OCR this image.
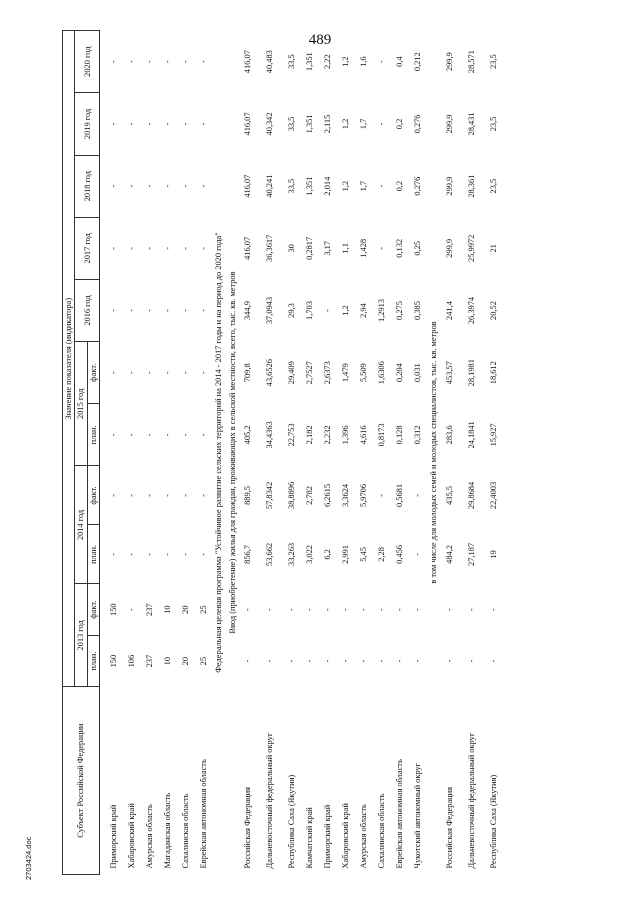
489
2703424.doc
Субъект Российской Федерации	Значение показателя (индикатора)										
	2013 год		2014 год		2015 год		2016 год	2017 год	2018 год	2019 год	2020 год
	план.	факт.	план.	факт.	план.	факт.					

Приморский край	150	150	-	-	-	-	-	-	-	-	-
Хабаровский край	106	-	-	-	-	-	-	-	-	-	-
Амурская область	237	237	-	-	-	-	-	-	-	-	-
Магаданская область	10	10	-	-	-	-	-	-	-	-	-
Сахалинская область	20	20	-	-	-	-	-	-	-	-	-
Еврейская автономная область	25	25	-	-	-	-	-	-	-	-	-
Федеральная целевая программа "Устойчивое развитие сельских территорий на 2014 - 2017 годы и на период до 2020 года"											
Ввод (приобретение) жилья для граждан, проживающих в сельской местности, всего, тыс. кв. метров											
Российская Федерация	-	-	856,7	889,5	405,2	709,8	344,9	416,07	416,07	416,07	416,07
Дальневосточный федеральный округ	-	-	53,662	57,8342	34,4363	43,6526	37,0943	36,3617	40,241	40,342	40,483
Республика Саха (Якутия)	-	-	33,263	38,8896	22,753	29,409	29,3	30	33,5	33,5	33,5
Камчатский край	-	-	3,022	2,782	2,182	2,7527	1,703	0,2817	1,351	1,351	1,351
Приморский край	-	-	6,2	6,2615	2,232	2,6373	-	3,17	2,014	2,115	2,22
Хабаровский край	-	-	2,991	3,3624	1,396	1,479	1,2	1,1	1,2	1,2	1,2
Амурская область	-	-	5,45	5,9706	4,616	5,509	2,94	1,428	1,7	1,7	1,6
Сахалинская область	-	-	2,28	-	0,8173	1,6306	1,2913	-	-	-	-
Еврейская автономная область	-	-	0,456	0,5681	0,128	0,204	0,275	0,132	0,2	0,2	0,4
Чукотский автономный округ	-	-	-	-	0,312	0,031	0,385	0,25	0,276	0,276	0,212
в том числе для молодых семей и молодых специалистов, тыс. кв. метров											
Российская Федерация	-	-	484,2	435,5	283,6	453,57	241,4	299,9	299,9	299,9	299,9
Дальневосточный федеральный округ	-	-	27,187	29,8684	24,1841	28,1981	26,3974	25,9972	28,361	28,431	28,571
Республика Саха (Якутия)	-	-	19	22,4003	15,927	18,612	20,52	21	23,5	23,5	23,5
